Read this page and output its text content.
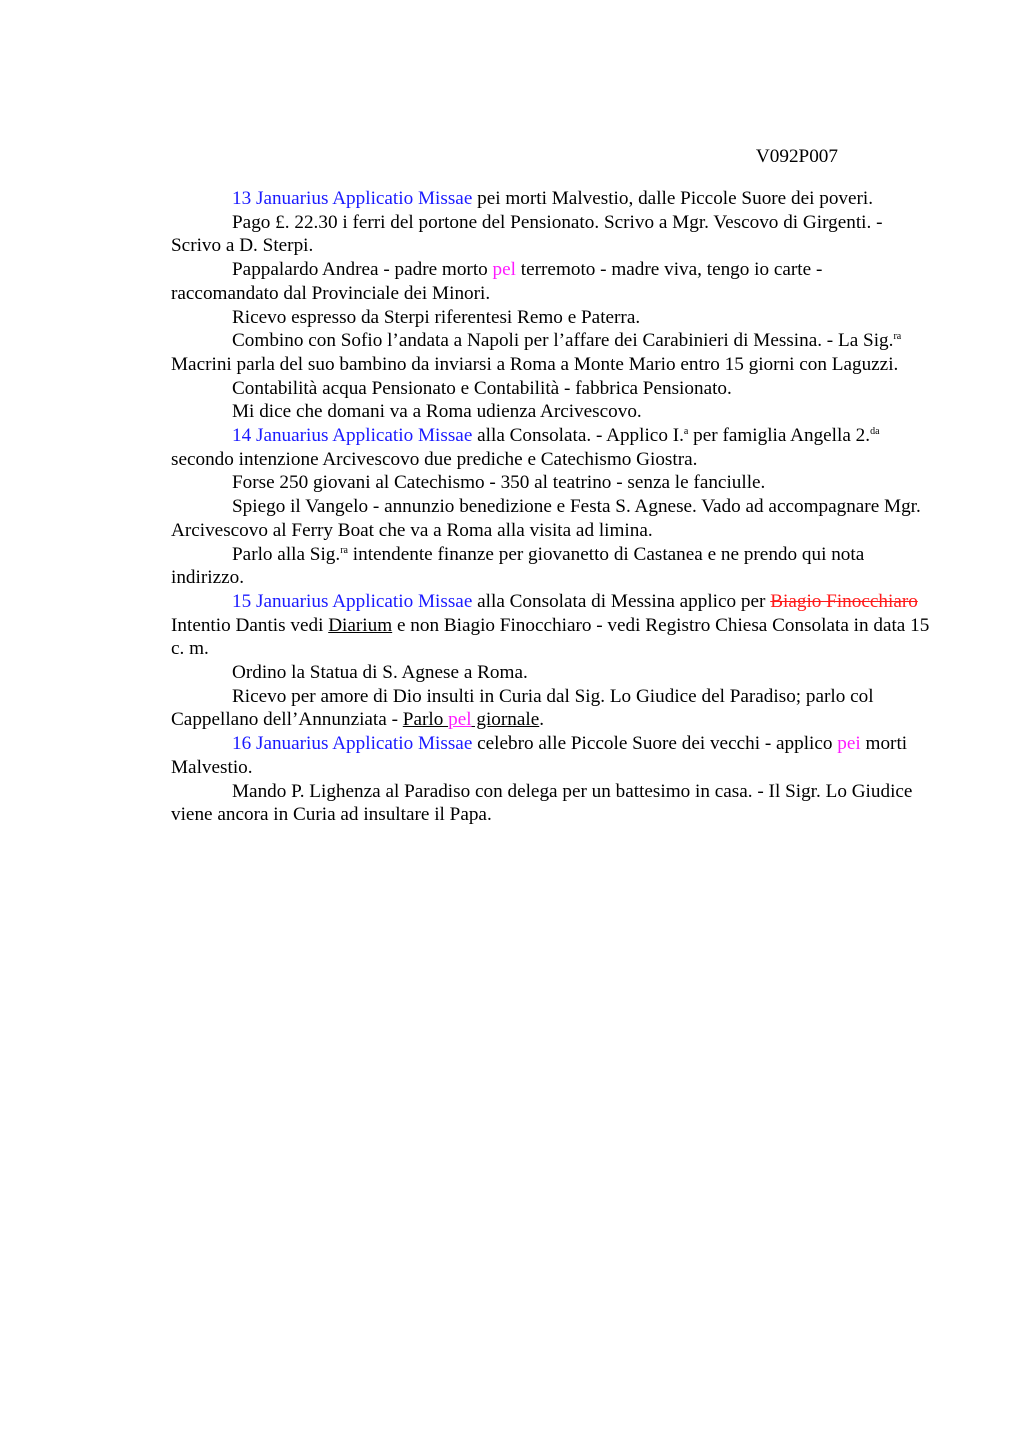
V092P007

13 Januarius Applicatio Missae pei morti Malvestio, dalle Piccole Suore dei poveri.

Pago £. 22.30 i ferri del portone del Pensionato. Scrivo a Mgr. Vescovo di Girgenti. - Scrivo a D. Sterpi.

Pappalardo Andrea - padre morto pel terremoto - madre viva, tengo io carte - raccomandato dal Provinciale dei Minori.

Ricevo espresso da Sterpi riferentesi Remo e Paterra.

Combino con Sofio l’andata a Napoli per l’affare dei Carabinieri di Messina. - La Sig.$^{ra}$ Macrini parla del suo bambino da inviarsi a Roma a Monte Mario entro 15 giorni con Laguzzi.

Contabilità acqua Pensionato e Contabilità - fabbrica Pensionato.

Mi dice che domani va a Roma udienza Arcivescovo.

14 Januarius Applicatio Missae alla Consolata. - Applico I.$^a$ per famiglia Angella 2.$^{da}$ secondo intenzione Arcivescovo due prediche e Catechismo Giostra.

Forse 250 giovani al Catechismo - 350 al teatrino - senza le fanciulle.

Spiego il Vangelo - annunzio benedizione e Festa S. Agnese. Vado ad accompagnare Mgr. Arcivescovo al Ferry Boat che va a Roma alla visita ad limina.

Parlo alla Sig.$^{ra}$ intendente finanze per giovanetto di Castanea e ne prendo qui nota indirizzo.

15 Januarius Applicatio Missae alla Consolata di Messina applico per Biagio Finocchiaro Intentio Dantis vedi Diarium e non Biagio Finocchiaro - vedi Registro Chiesa Consolata in data 15 c. m.

Ordino la Statua di S. Agnese a Roma.

Ricevo per amore di Dio insulti in Curia dal Sig. Lo Giudice del Paradiso; parlo col Cappellano dell’Annunziata - Parlo pel giornale.

16 Januarius Applicatio Missae celebro alle Piccole Suore dei vecchi - applico pei morti Malvestio.

Mando P. Lighenza al Paradiso con delega per un battesimo in casa. - Il Sigr. Lo Giudice viene ancora in Curia ad insultare il Papa.
